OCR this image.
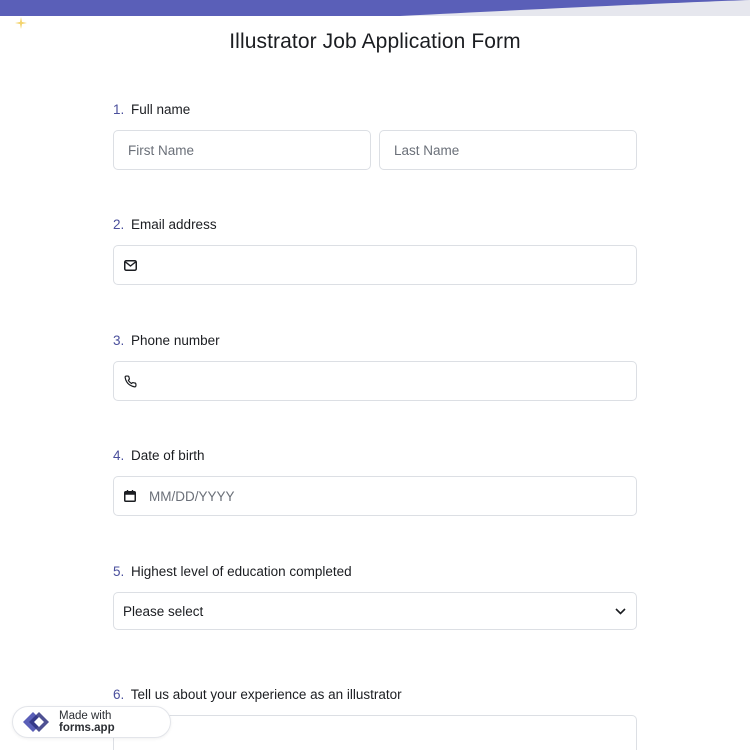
Illustrator Job Application Form
1. Full name
First Name	Last Name
2. Email address
3. Phone number
4. Date of birth
MM/DD/YYYY
5. Highest level of education completed
Please select
6. Tell us about your experience as an illustrator
Made with forms.app
